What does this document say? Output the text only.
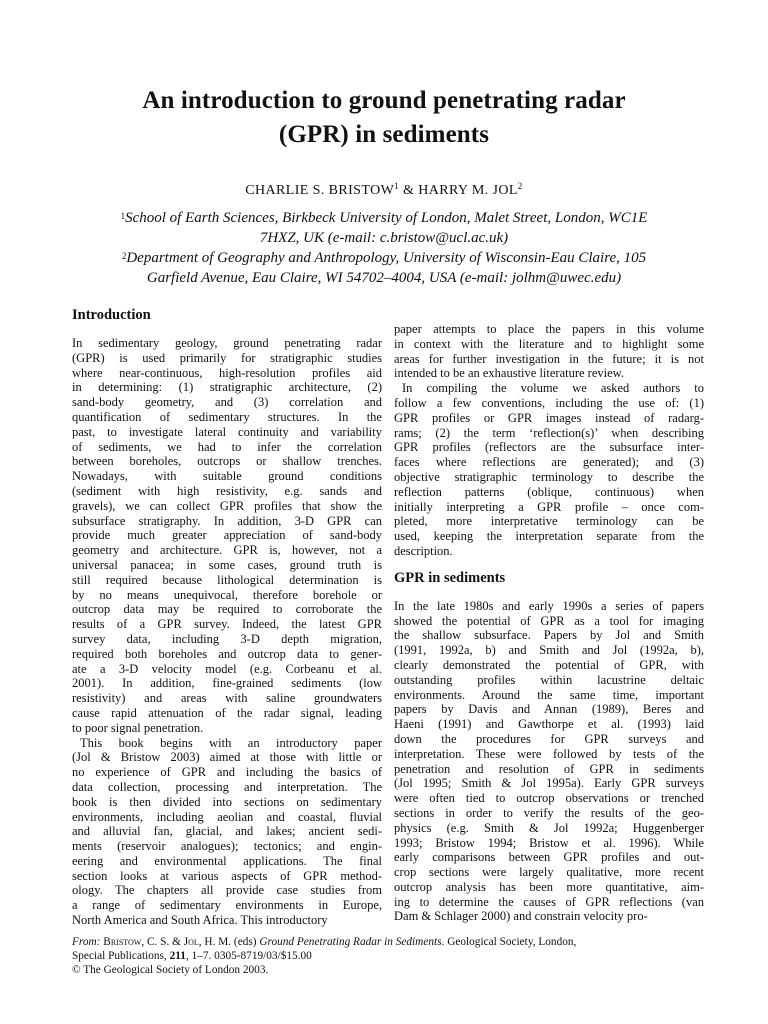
An introduction to ground penetrating radar
(GPR) in sediments
CHARLIE S. BRISTOW$^1$ & HARRY M. JOL$^2$
$^1$School of Earth Sciences, Birkbeck University of London, Malet Street, London, WC1E
7HXZ, UK (e-mail: c.bristow@ucl.ac.uk)
$^2$Department of Geography and Anthropology, University of Wisconsin-Eau Claire, 105
Garfield Avenue, Eau Claire, WI 54702–4004, USA (e-mail: jolhm@uwec.edu)
Introduction
In sedimentary geology, ground penetrating radar
(GPR) is used primarily for stratigraphic studies
where near-continuous, high-resolution profiles aid
in determining: (1) stratigraphic architecture, (2)
sand-body geometry, and (3) correlation and
quantification of sedimentary structures. In the
past, to investigate lateral continuity and variability
of sediments, we had to infer the correlation
between boreholes, outcrops or shallow trenches.
Nowadays, with suitable ground conditions
(sediment with high resistivity, e.g. sands and
gravels), we can collect GPR profiles that show the
subsurface stratigraphy. In addition, 3-D GPR can
provide much greater appreciation of sand-body
geometry and architecture. GPR is, however, not a
universal panacea; in some cases, ground truth is
still required because lithological determination is
by no means unequivocal, therefore borehole or
outcrop data may be required to corroborate the
results of a GPR survey. Indeed, the latest GPR
survey data, including 3-D depth migration,
required both boreholes and outcrop data to gener-
ate a 3-D velocity model (e.g. Corbeanu et al.
2001). In addition, fine-grained sediments (low
resistivity) and areas with saline groundwaters
cause rapid attenuation of the radar signal, leading
to poor signal penetration.
This book begins with an introductory paper
(Jol & Bristow 2003) aimed at those with little or
no experience of GPR and including the basics of
data collection, processing and interpretation. The
book is then divided into sections on sedimentary
environments, including aeolian and coastal, fluvial
and alluvial fan, glacial, and lakes; ancient sedi-
ments (reservoir analogues); tectonics; and engin-
eering and environmental applications. The final
section looks at various aspects of GPR method-
ology. The chapters all provide case studies from
a range of sedimentary environments in Europe,
North America and South Africa. This introductory
paper attempts to place the papers in this volume
in context with the literature and to highlight some
areas for further investigation in the future; it is not
intended to be an exhaustive literature review.
In compiling the volume we asked authors to
follow a few conventions, including the use of: (1)
GPR profiles or GPR images instead of radarg-
rams; (2) the term ‘reflection(s)’ when describing
GPR profiles (reflectors are the subsurface inter-
faces where reflections are generated); and (3)
objective stratigraphic terminology to describe the
reflection patterns (oblique, continuous) when
initially interpreting a GPR profile – once com-
pleted, more interpretative terminology can be
used, keeping the interpretation separate from the
description.
GPR in sediments
In the late 1980s and early 1990s a series of papers
showed the potential of GPR as a tool for imaging
the shallow subsurface. Papers by Jol and Smith
(1991, 1992a, b) and Smith and Jol (1992a, b),
clearly demonstrated the potential of GPR, with
outstanding profiles within lacustrine deltaic
environments. Around the same time, important
papers by Davis and Annan (1989), Beres and
Haeni (1991) and Gawthorpe et al. (1993) laid
down the procedures for GPR surveys and
interpretation. These were followed by tests of the
penetration and resolution of GPR in sediments
(Jol 1995; Smith & Jol 1995a). Early GPR surveys
were often tied to outcrop observations or trenched
sections in order to verify the results of the geo-
physics (e.g. Smith & Jol 1992a; Huggenberger
1993; Bristow 1994; Bristow et al. 1996). While
early comparisons between GPR profiles and out-
crop sections were largely qualitative, more recent
outcrop analysis has been more quantitative, aim-
ing to determine the causes of GPR reflections (van
Dam & Schlager 2000) and constrain velocity pro-
From: Bristow, C. S. & Jol, H. M. (eds) Ground Penetrating Radar in Sediments. Geological Society, London,
Special Publications, 211, 1–7. 0305-8719/03/$15.00
© The Geological Society of London 2003.
